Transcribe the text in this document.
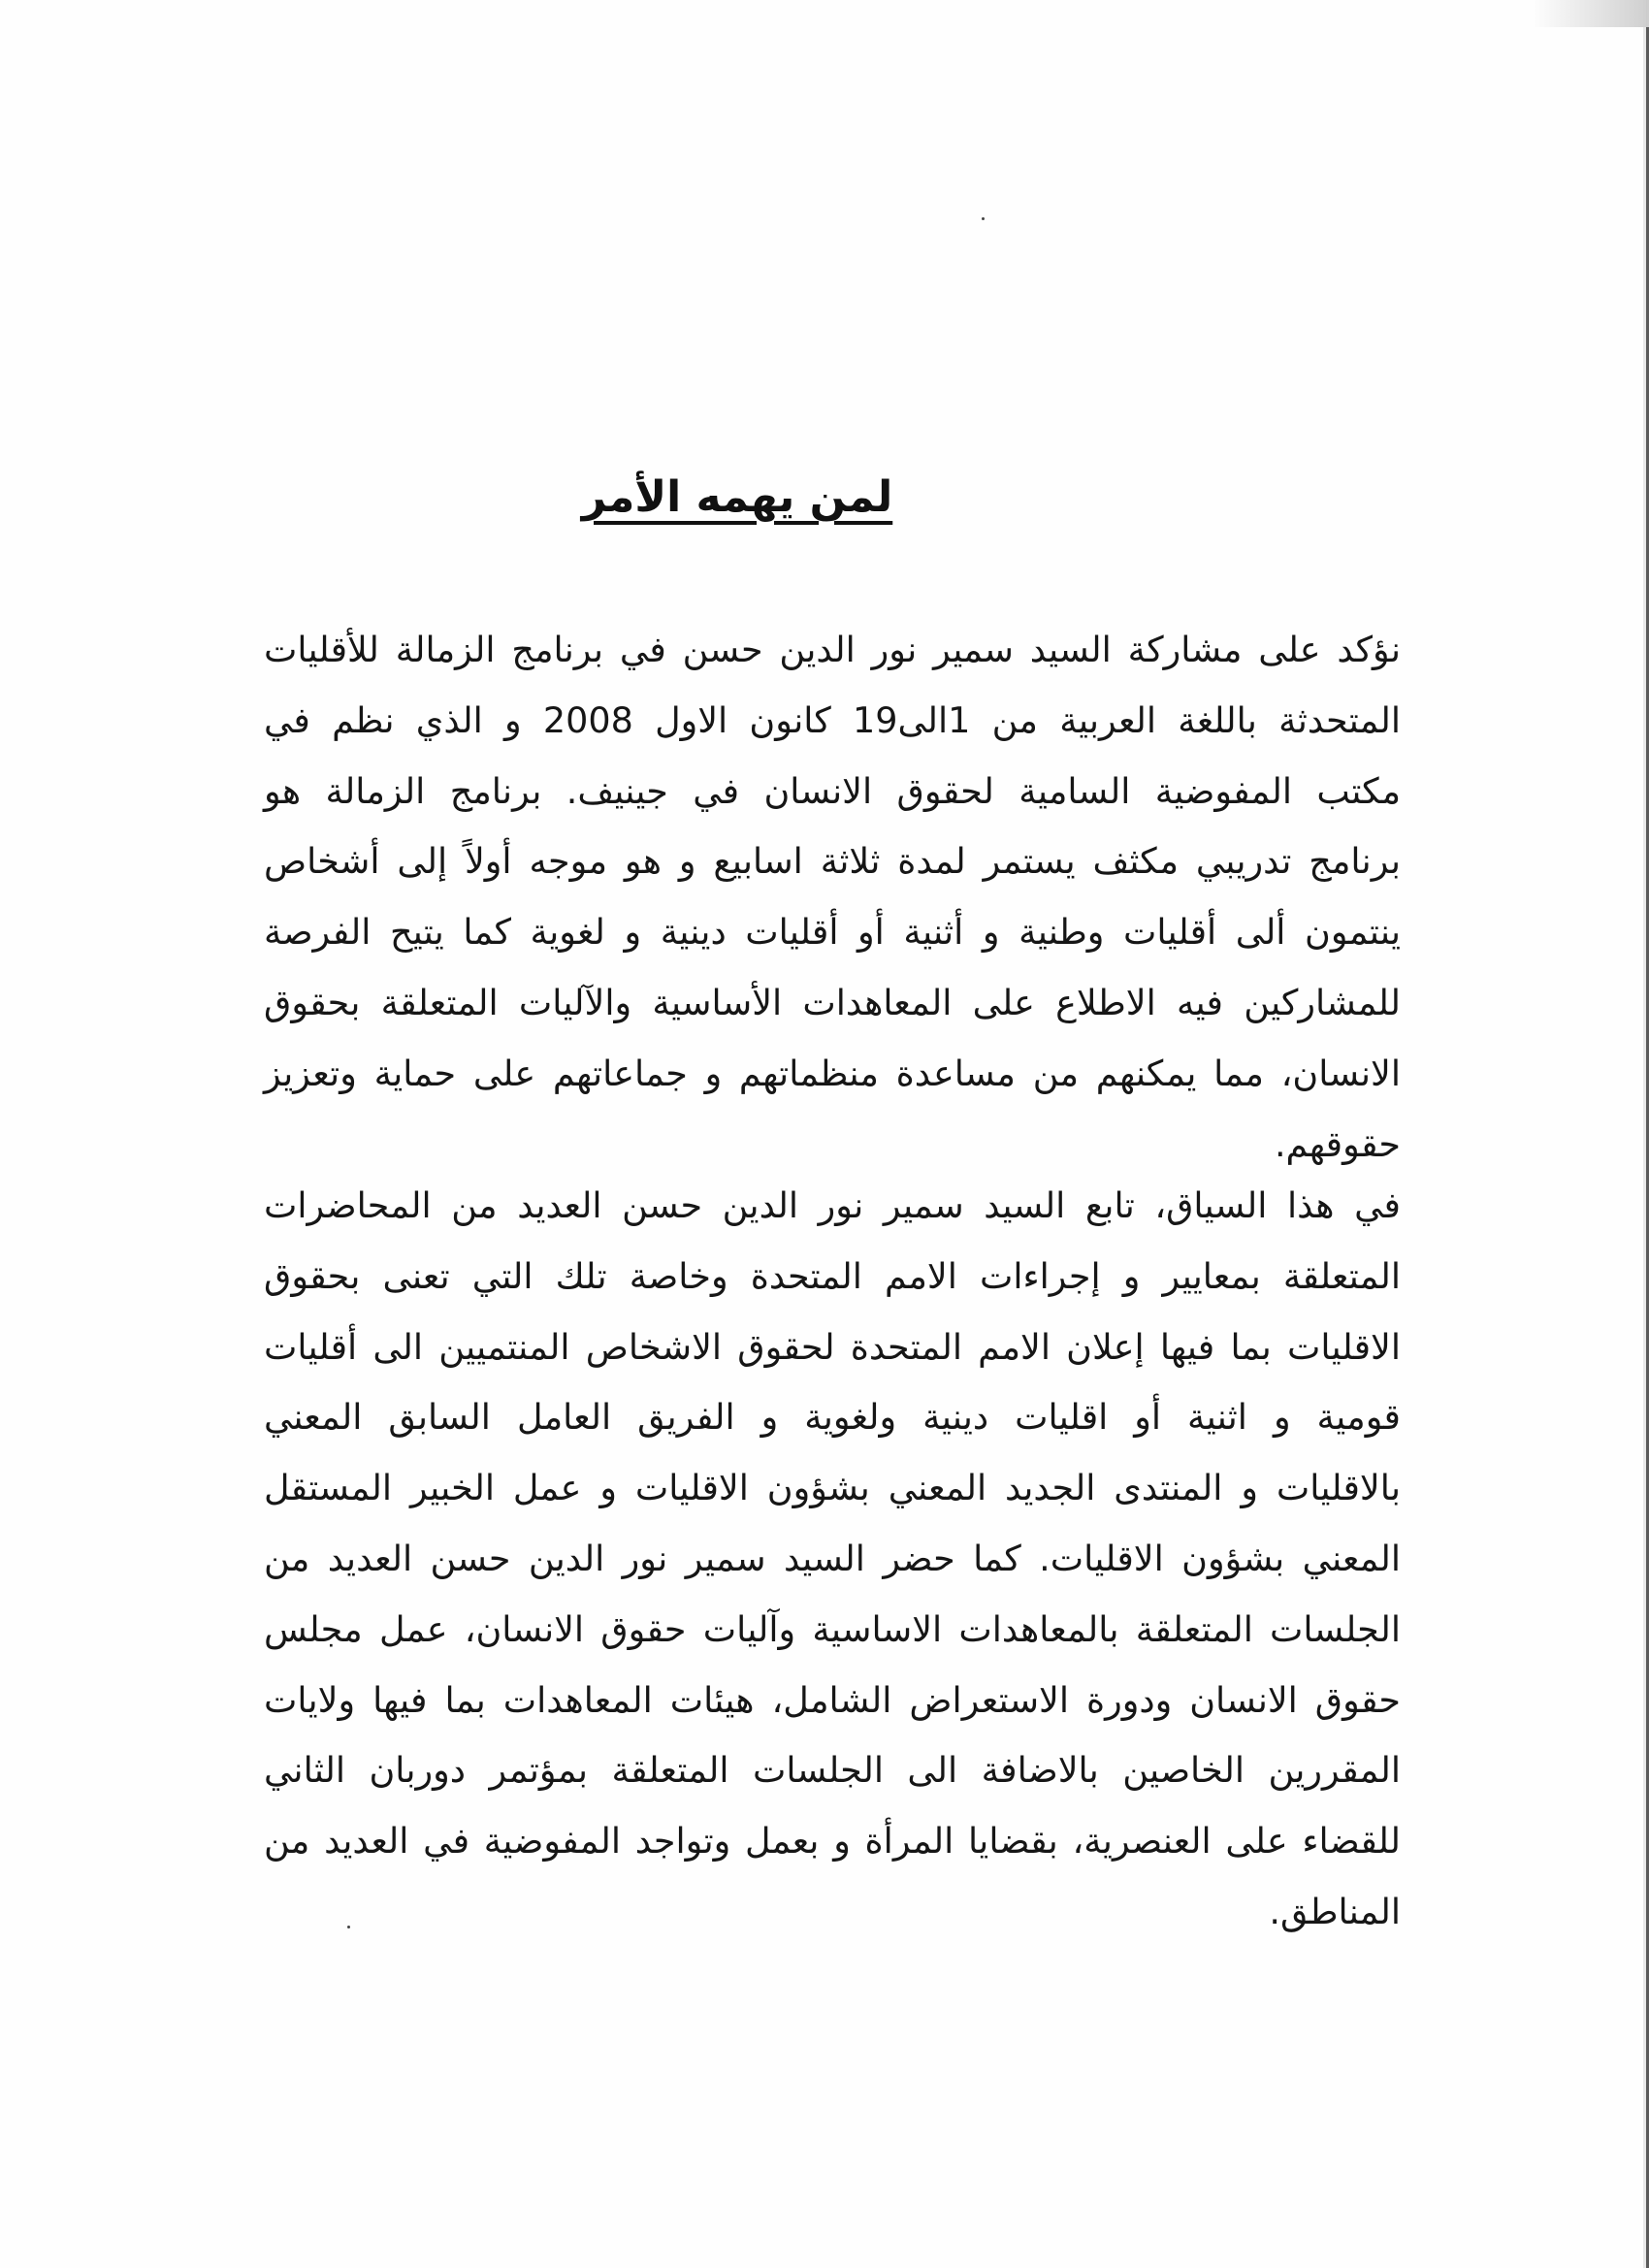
لمن يهمه الأمر

نؤكد على مشاركة السيد سمير نور الدين حسن في برنامج الزمالة للأقليات المتحدثة باللغة العربية من 1الى19 كانون الاول 2008 و الذي نظم في مكتب المفوضية السامية لحقوق الانسان في جينيف. برنامج الزمالة هو برنامج تدريبي مكثف يستمر لمدة ثلاثة اسابيع و هو موجه أولاً إلى أشخاص ينتمون ألى أقليات وطنية و أثنية أو أقليات دينية و لغوية كما يتيح الفرصة للمشاركين فيه الاطلاع على المعاهدات الأساسية والآليات المتعلقة بحقوق الانسان، مما يمكنهم من مساعدة منظماتهم و جماعاتهم على حماية وتعزيز حقوقهم.

في هذا السياق، تابع السيد سمير نور الدين حسن العديد من المحاضرات المتعلقة بمعايير و إجراءات الامم المتحدة وخاصة تلك التي تعنى بحقوق الاقليات بما فيها إعلان الامم المتحدة لحقوق الاشخاص المنتميين الى أقليات قومية و اثنية أو اقليات دينية ولغوية و الفريق العامل السابق المعني بالاقليات و المنتدى الجديد المعني بشؤون الاقليات و عمل الخبير المستقل المعني بشؤون الاقليات. كما حضر السيد سمير نور الدين حسن العديد من الجلسات المتعلقة بالمعاهدات الاساسية وآليات حقوق الانسان، عمل مجلس حقوق الانسان ودورة الاستعراض الشامل، هيئات المعاهدات بما فيها ولايات المقررين الخاصين بالاضافة الى الجلسات المتعلقة بمؤتمر دوربان الثاني للقضاء على العنصرية، بقضايا المرأة و بعمل وتواجد المفوضية في العديد من المناطق.
